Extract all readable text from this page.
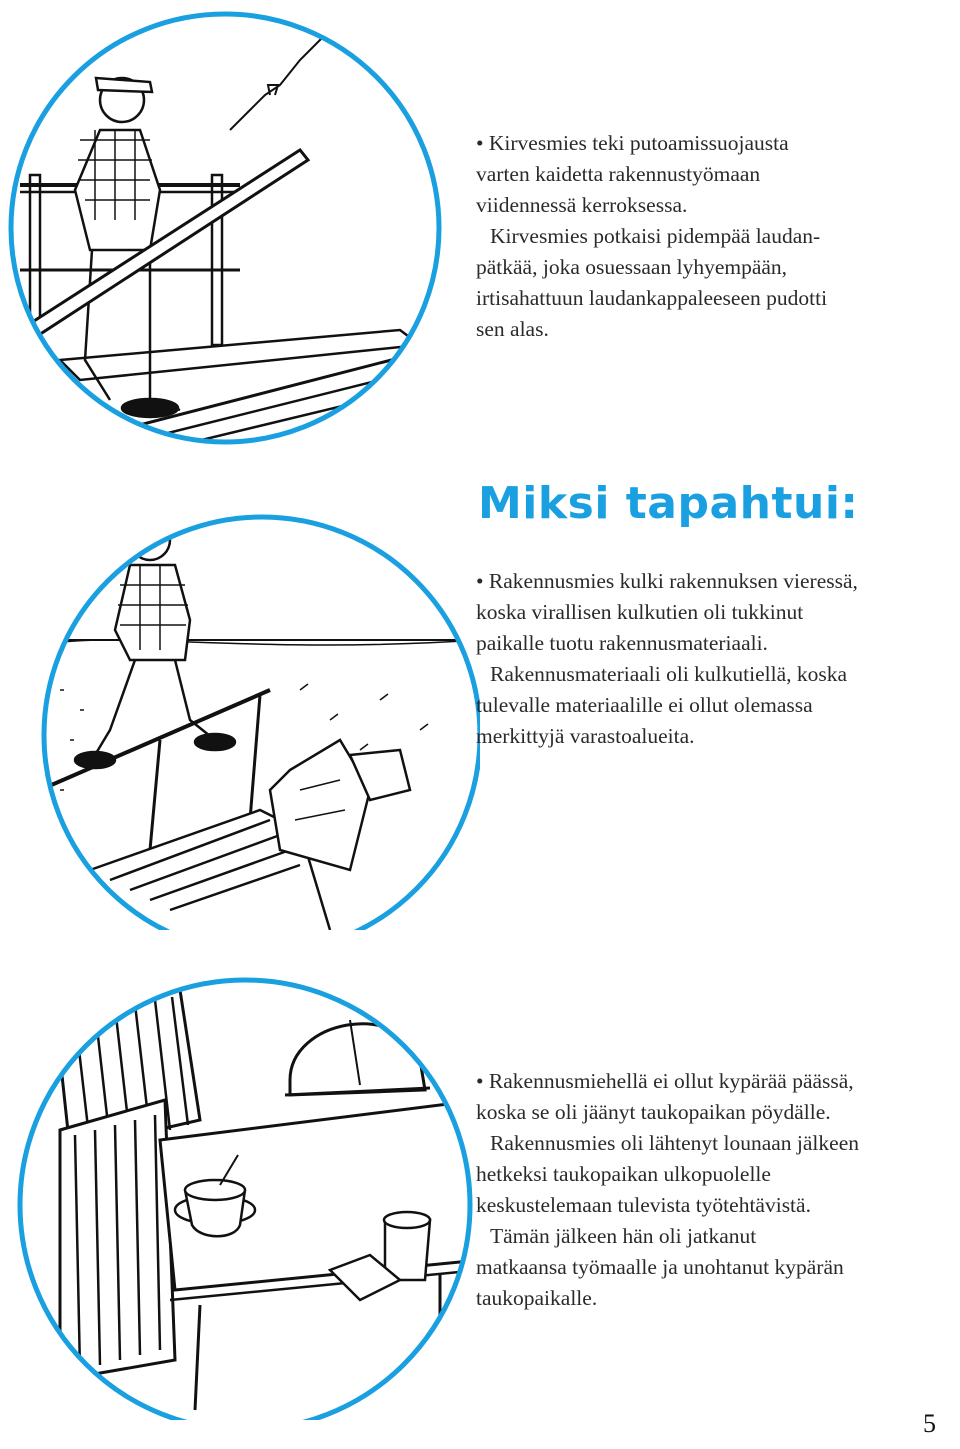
• Kirvesmies teki putoamissuojausta

varten kaidetta rakennustyömaan

viidennessä kerroksessa.

Kirvesmies potkaisi pidempää laudan-

pätkää, joka osuessaan lyhyempään,

irtisahattuun laudankappaleeseen pudotti

sen alas.

Miksi tapahtui:

• Rakennusmies kulki rakennuksen vieressä,

koska virallisen kulkutien oli tukkinut

paikalle tuotu rakennusmateriaali.

Rakennusmateriaali oli kulkutiellä, koska

tulevalle materiaalille ei ollut olemassa

merkittyjä varastoalueita.

• Rakennusmiehellä ei ollut kypärää päässä,

koska se oli jäänyt taukopaikan pöydälle.

Rakennusmies oli lähtenyt lounaan jälkeen

hetkeksi taukopaikan ulkopuolelle

keskustelemaan tulevista työtehtävistä.

Tämän jälkeen hän oli jatkanut

matkaansa työmaalle ja unohtanut kypärän

taukopaikalle.

5
